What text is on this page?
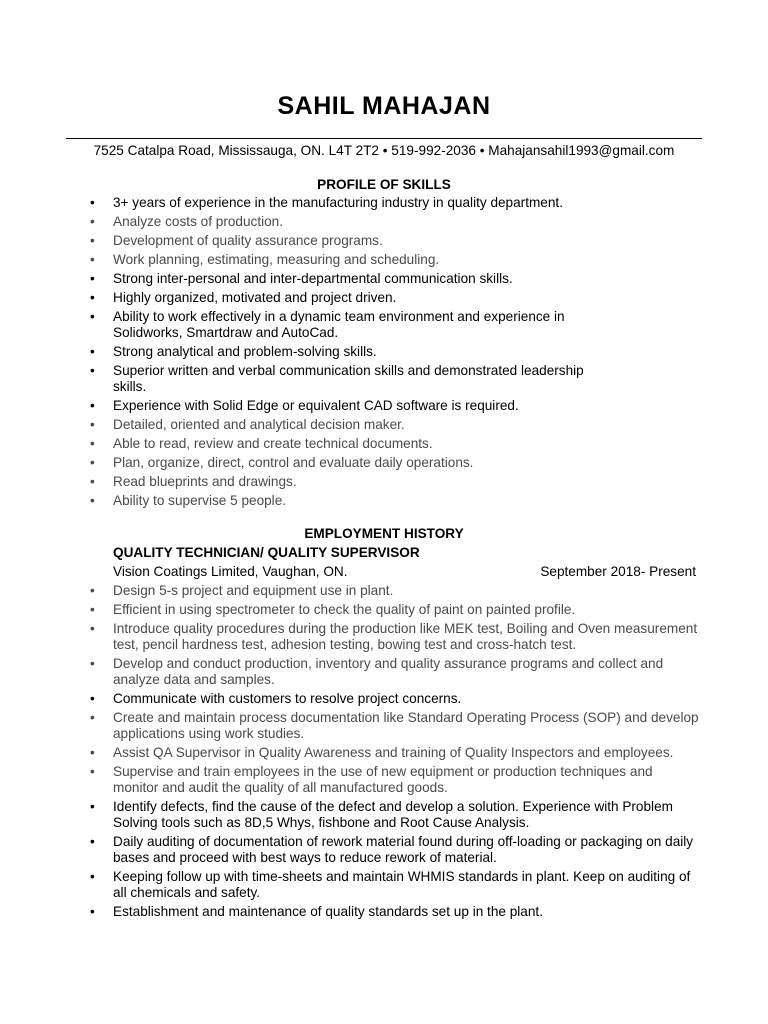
SAHIL MAHAJAN
7525 Catalpa Road, Mississauga, ON. L4T 2T2 • 519-992-2036 • Mahajansahil1993@gmail.com
PROFILE OF SKILLS
• 3+ years of experience in the manufacturing industry in quality department.
• Analyze costs of production.
• Development of quality assurance programs.
• Work planning, estimating, measuring and scheduling.
• Strong inter-personal and inter-departmental communication skills.
• Highly organized, motivated and project driven.
• Ability to work effectively in a dynamic team environment and experience in Solidworks, Smartdraw and AutoCad.
• Strong analytical and problem-solving skills.
• Superior written and verbal communication skills and demonstrated leadership skills.
• Experience with Solid Edge or equivalent CAD software is required.
• Detailed, oriented and analytical decision maker.
• Able to read, review and create technical documents.
• Plan, organize, direct, control and evaluate daily operations.
• Read blueprints and drawings.
• Ability to supervise 5 people.
EMPLOYMENT HISTORY
QUALITY TECHNICIAN/ QUALITY SUPERVISOR
Vision Coatings Limited, Vaughan, ON.	September 2018- Present
• Design 5-s project and equipment use in plant.
• Efficient in using spectrometer to check the quality of paint on painted profile.
• Introduce quality procedures during the production like MEK test, Boiling and Oven measurement test, pencil hardness test, adhesion testing, bowing test and cross-hatch test.
• Develop and conduct production, inventory and quality assurance programs and collect and analyze data and samples.
• Communicate with customers to resolve project concerns.
• Create and maintain process documentation like Standard Operating Process (SOP) and develop applications using work studies.
• Assist QA Supervisor in Quality Awareness and training of Quality Inspectors and employees.
• Supervise and train employees in the use of new equipment or production techniques and monitor and audit the quality of all manufactured goods.
• Identify defects, find the cause of the defect and develop a solution. Experience with Problem Solving tools such as 8D,5 Whys, fishbone and Root Cause Analysis.
• Daily auditing of documentation of rework material found during off-loading or packaging on daily bases and proceed with best ways to reduce rework of material.
• Keeping follow up with time-sheets and maintain WHMIS standards in plant. Keep on auditing of all chemicals and safety.
• Establishment and maintenance of quality standards set up in the plant.
